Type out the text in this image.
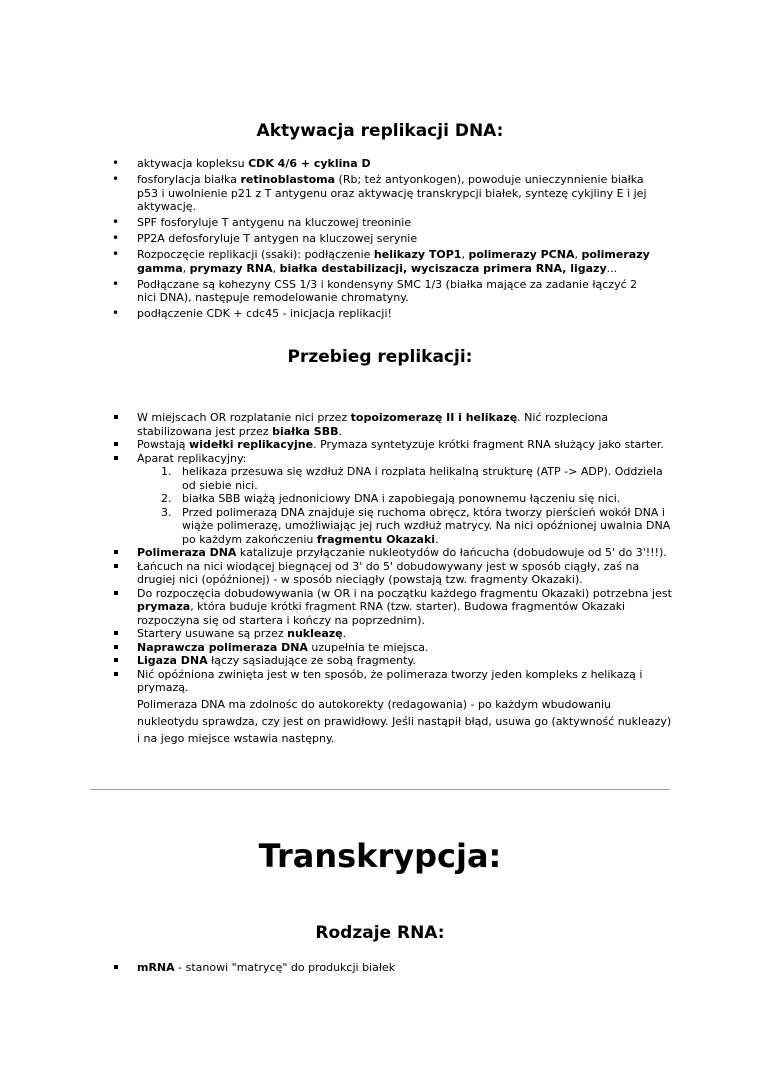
Aktywacja replikacji DNA:
• aktywacja kopleksu CDK 4/6 + cyklina D
• fosforylacja białka retinoblastoma (Rb; też antyonkogen), powoduje unieczynnienie białka p53 i uwolnienie p21 z T antygenu oraz aktywację transkrypcji białek, syntezę cykjliny E i jej aktywację.
• SPF fosforyluje T antygenu na kluczowej treoninie
• PP2A defosforyluje T antygen na kluczowej serynie
• Rozpoczęcie replikacji (ssaki): podłączenie helikazy TOP1, polimerazy PCNA, polimerazy gamma, prymazy RNA, białka destabilizacji, wyciszacza primera RNA, ligazy...
• Podłączane są kohezyny CSS 1/3 i kondensyny SMC 1/3 (białka mające za zadanie łączyć 2 nici DNA), następuje remodelowanie chromatyny.
• podłączenie CDK + cdc45 - inicjacja replikacji!
Przebieg replikacji:
W miejscach OR rozplatanie nici przez topoizomerazę II i helikazę. Nić rozpleciona stabilizowana jest przez białka SBB.
Powstają widełki replikacyjne. Prymaza syntetyzuje krótki fragment RNA służący jako starter.
Aparat replikacyjny:
1. helikaza przesuwa się wzdłuż DNA i rozplata helikalną strukturę (ATP -> ADP). Oddziela od siebie nici.
2. białka SBB wiążą jednoniciowy DNA i zapobiegają ponownemu łączeniu się nici.
3. Przed polimerazą DNA znajduje się ruchoma obręcz, która tworzy pierścień wokół DNA i wiąże polimerazę, umożliwiając jej ruch wzdłuż matrycy. Na nici opóźnionej uwalnia DNA po każdym zakończeniu fragmentu Okazaki.
Polimeraza DNA katalizuje przyłączanie nukleotydów do łańcucha (dobudowuje od 5' do 3'!!!).
Łańcuch na nici wiodącej biegnącej od 3' do 5' dobudowywany jest w sposób ciągły, zaś na drugiej nici (opóźnionej) - w sposób nieciągły (powstają tzw. fragmenty Okazaki).
Do rozpoczęcia dobudowywania (w OR i na początku każdego fragmentu Okazaki) potrzebna jest prymaza, która buduje krótki fragment RNA (tzw. starter). Budowa fragmentów Okazaki rozpoczyna się od startera i kończy na poprzednim).
Startery usuwane są przez nukleazę.
Naprawcza polimeraza DNA uzupełnia te miejsca.
Ligaza DNA łączy sąsiadujące ze sobą fragmenty.
Nić opóźniona zwinięta jest w ten sposób, że polimeraza tworzy jeden kompleks z helikazą i prymazą.
Polimeraza DNA ma zdolnośc do autokorekty (redagowania) - po każdym wbudowaniu nukleotydu sprawdza, czy jest on prawidłowy. Jeśli nastąpił błąd, usuwa go (aktywność nukleazy) i na jego miejsce wstawia następny.
Transkrypcja:
Rodzaje RNA:
mRNA - stanowi "matrycę" do produkcji białek
